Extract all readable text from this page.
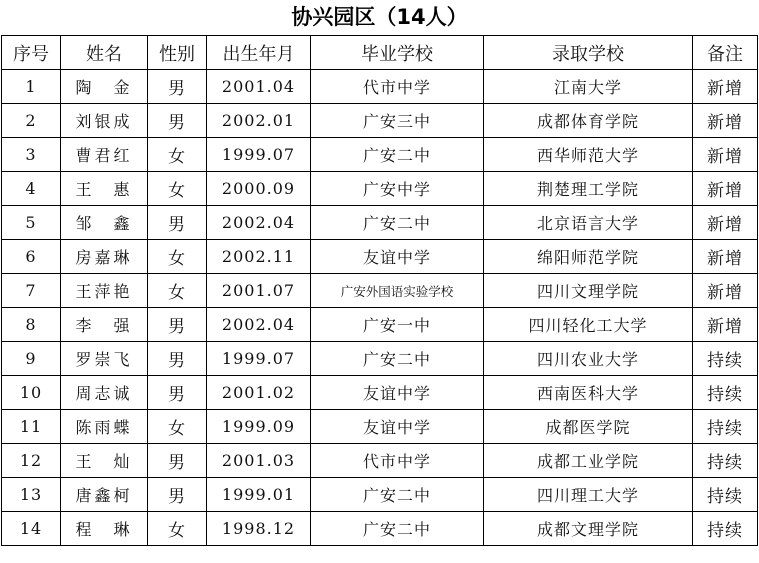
协兴园区（14人）
序号	姓名	性别	出生年月	毕业学校	录取学校	备注
1	陶　金	男	2001.04	代市中学	江南大学	新增
2	刘银成	男	2002.01	广安三中	成都体育学院	新增
3	曹君红	女	1999.07	广安二中	西华师范大学	新增
4	王　惠	女	2000.09	广安中学	荆楚理工学院	新增
5	邹　鑫	男	2002.04	广安二中	北京语言大学	新增
6	房嘉琳	女	2002.11	友谊中学	绵阳师范学院	新增
7	王萍艳	女	2001.07	广安外国语实验学校	四川文理学院	新增
8	李　强	男	2002.04	广安一中	四川轻化工大学	新增
9	罗崇飞	男	1999.07	广安二中	四川农业大学	持续
10	周志诚	男	2001.02	友谊中学	西南医科大学	持续
11	陈雨蝶	女	1999.09	友谊中学	成都医学院	持续
12	王　灿	男	2001.03	代市中学	成都工业学院	持续
13	唐鑫柯	男	1999.01	广安二中	四川理工大学	持续
14	程　琳	女	1998.12	广安二中	成都文理学院	持续
